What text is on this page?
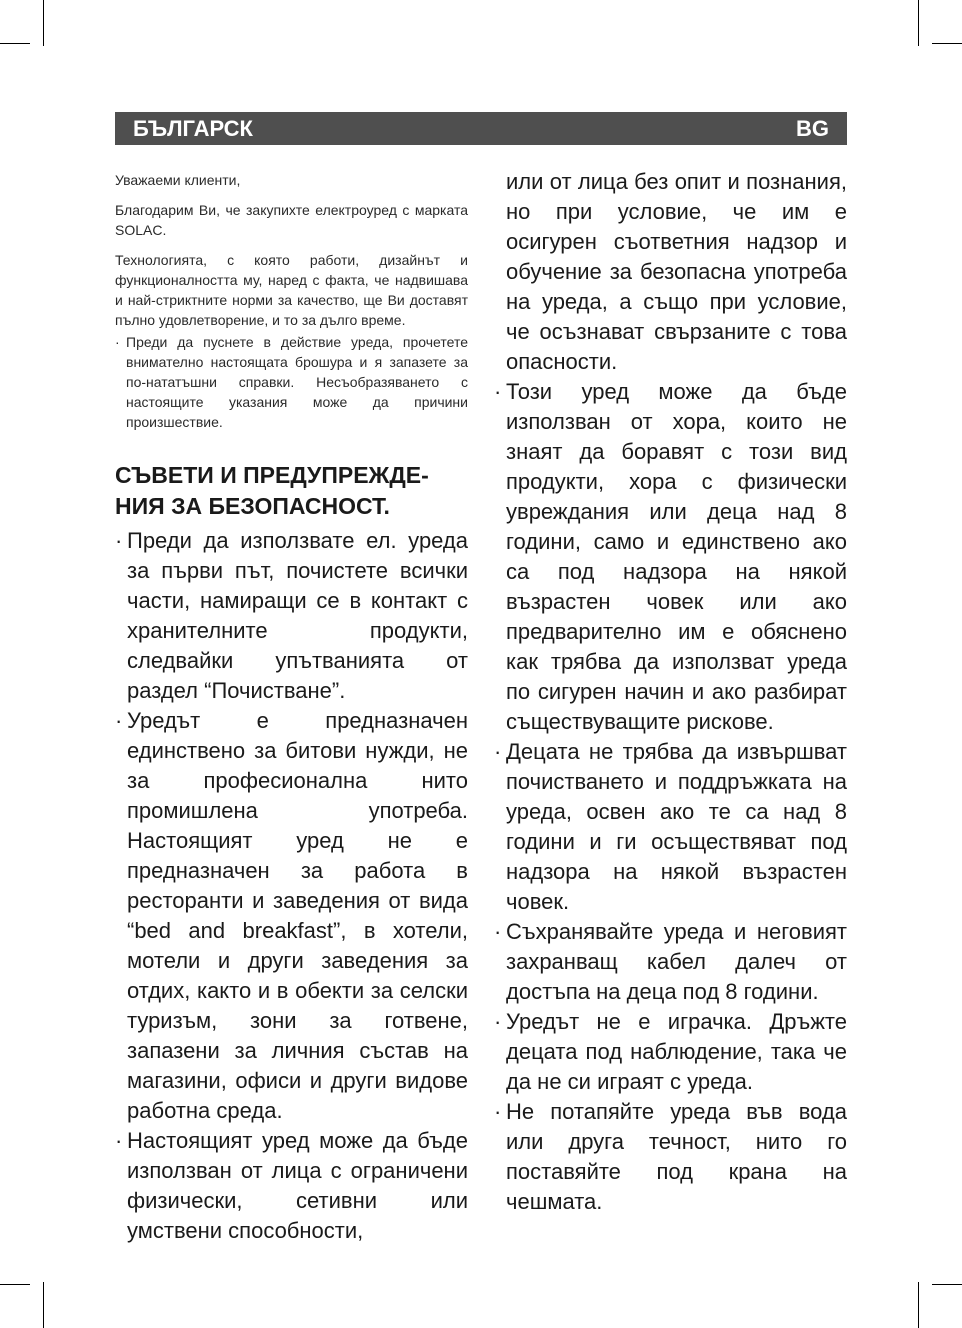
БЪЛГАРСК	BG

Уважаеми клиенти,

Благодарим Ви, че закупихте електроуред с марката SOLAC.

Технологията, с която работи, дизайнът и функционалността му, наред с факта, че надвишава и най-стриктните норми за качество, ще Ви доставят пълно удовлетворение, и то за дълго време.

· Преди да пуснете в действие уреда, прочетете внимателно настоящата брошура и я запазете за по-нататъшни справки. Несъобразяването с настоящите указания може да причини произшествие.
СЪВЕТИ И ПРЕДУПРЕЖДЕ-
НИЯ ЗА БЕЗОПАСНОСТ.
· Преди да използвате ел. уреда за първи път, почистете всички части, намиращи се в контакт с хранителните продукти, следвайки упътванията от раздел “Почистване”.
· Уредът е предназначен единствено за битови нужди, не за професионална нито промишлена употреба. Настоящият уред не е предназначен за работа в ресторанти и заведения от вида “bed and breakfast”, в хотели, мотели и други заведения за отдих, както и в обекти за селски туризъм, зони за готвене, запазени за личния състав на магазини, офиси и други видове работна среда.
· Настоящият уред може да бъде използван от лица с ограничени физически, сетивни или умствени способности,
или от лица без опит и познания, но при условие, че им е осигурен съответния надзор и обучение за безопасна употреба на уреда, а също при условие, че осъзнават свързаните с това опасности.
· Този уред може да бъде използван от хора, които не знаят да боравят с този вид продукти, хора с физически увреждания или деца над 8 години, само и единствено ако са под надзора на някой възрастен човек или ако предварително им е обяснено как трябва да използват уреда по сигурен начин и ако разбират съществуващите рискове.
· Децата не трябва да извършват почистването и поддръжката на уреда, освен ако те са над 8 години и ги осъществяват под надзора на някой възрастен човек.
· Съхранявайте уреда и неговият захранващ кабел далеч от достъпа на деца под 8 години.
· Уредът не е играчка. Дръжте децата под наблюдение, така че да не си играят с уреда.
· Не потапяйте уреда във вода или друга течност, нито го поставяйте под крана на чешмата.
